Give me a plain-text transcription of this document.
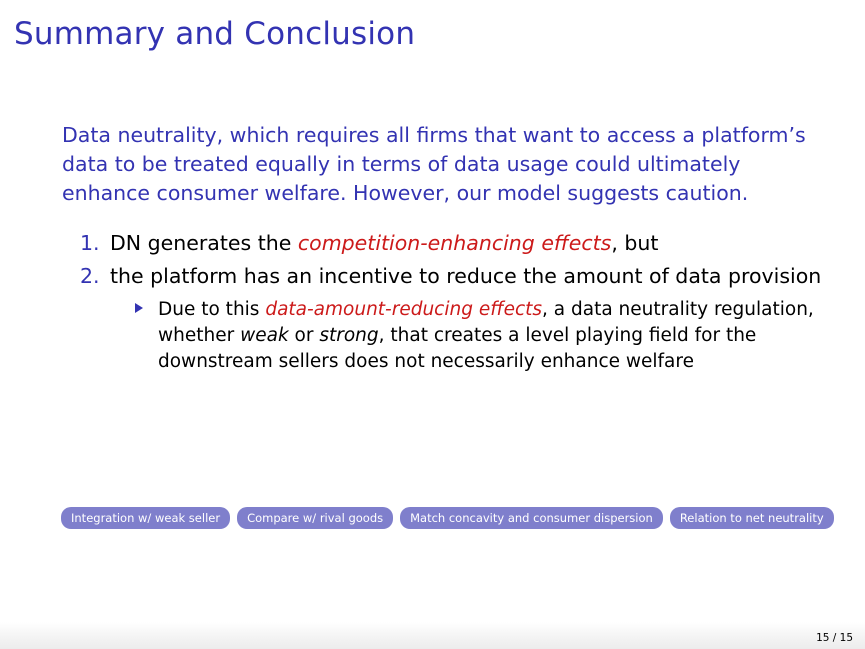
Summary and Conclusion
Data neutrality, which requires all firms that want to access a platform’s data to be treated equally in terms of data usage could ultimately enhance consumer welfare. However, our model suggests caution.
1. DN generates the competition-enhancing effects, but
2. the platform has an incentive to reduce the amount of data provision
Due to this data-amount-reducing effects, a data neutrality regulation, whether weak or strong, that creates a level playing field for the downstream sellers does not necessarily enhance welfare
Integration w/ weak seller	Compare w/ rival goods	Match concavity and consumer dispersion	Relation to net neutrality
15 / 15
